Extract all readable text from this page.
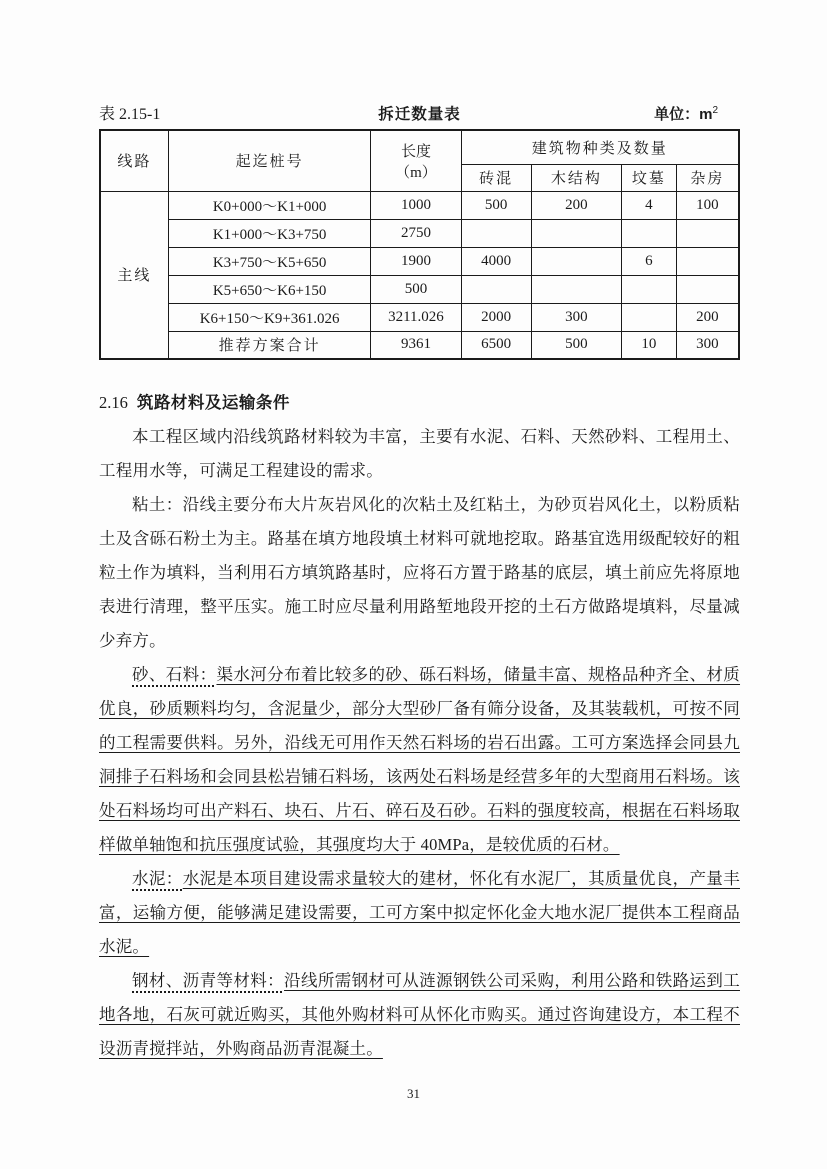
表 2.15-1	拆迁数量表	单位：$m^2$
线路	起迄桩号	长度
（m）	建筑物种类及数量			
			砖混	木结构	坟墓	杂房
主线	K0+000～K1+000	1000	500	200	4	100
	K1+000～K3+750	2750				
	K3+750～K5+650	1900	4000		6	
	K5+650～K6+150	500				
	K6+150～K9+361.026	3211.026	2000	300		200
	推荐方案合计	9361	6500	500	10	300
2.16 筑路材料及运输条件

本工程区域内沿线筑路材料较为丰富，主要有水泥、石料、天然砂料、工程用土、工程用水等，可满足工程建设的需求。

粘土：沿线主要分布大片灰岩风化的次粘土及红粘土，为砂页岩风化土，以粉质粘土及含砾石粉土为主。路基在填方地段填土材料可就地挖取。路基宜选用级配较好的粗粒土作为填料，当利用石方填筑路基时，应将石方置于路基的底层，填土前应先将原地表进行清理，整平压实。施工时应尽量利用路堑地段开挖的土石方做路堤填料，尽量减少弃方。

砂、石料：渠水河分布着比较多的砂、砾石料场，储量丰富、规格品种齐全、材质优良，砂质颗料均匀，含泥量少，部分大型砂厂备有筛分设备，及其装载机，可按不同的工程需要供料。另外，沿线无可用作天然石料场的岩石出露。工可方案选择会同县九洞排子石料场和会同县松岩铺石料场，该两处石料场是经营多年的大型商用石料场。该处石料场均可出产料石、块石、片石、碎石及石砂。石料的强度较高，根据在石料场取样做单轴饱和抗压强度试验，其强度均大于 40MPa，是较优质的石材。

水泥：水泥是本项目建设需求量较大的建材，怀化有水泥厂，其质量优良，产量丰富，运输方便，能够满足建设需要，工可方案中拟定怀化金大地水泥厂提供本工程商品水泥。

钢材、沥青等材料：沿线所需钢材可从涟源钢铁公司采购，利用公路和铁路运到工地各地，石灰可就近购买，其他外购材料可从怀化市购买。通过咨询建设方，本工程不设沥青搅拌站，外购商品沥青混凝土。

31
